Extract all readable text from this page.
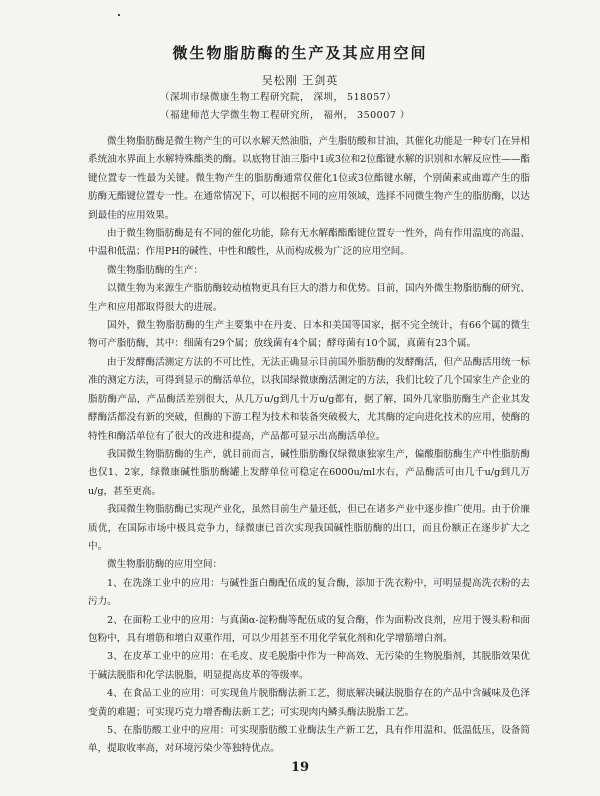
微生物脂肪酶的生产及其应用空间
吴松刚 王剑英
（深圳市绿微康生物工程研究院， 深圳， 518057）
（福建师范大学微生物工程研究所， 福州， 350007 ）

微生物脂肪酶是微生物产生的可以水解天然油脂，产生脂肪酸和甘油，其催化功能是一种专门在异相系统油水界面上水解特殊酯类的酶。以底物甘油三脂中1或3位和2位酯键水解的识别和水解反应性——酯键位置专一性最为关键。微生物产生的脂肪酶通常仅催化1位或3位酯键水解，个别菌素或曲霉产生的脂肪酶无酯键位置专一性。在通常情况下，可以根据不同的应用领域，选择不同微生物产生的脂肪酶，以达到最佳的应用效果。

由于微生物脂肪酶是有不同的催化功能，除有无水解酯酯酯键位置专一性外，尚有作用温度的高温、中温和低温；作用PH的碱性、中性和酸性，从而构成极为广泛的应用空间。

微生物脂肪酶的生产：

以微生物为来源生产脂肪酶较动植物更具有巨大的潜力和优势。目前，国内外微生物脂肪酶的研究、生产和应用都取得很大的进展。

国外，微生物脂肪酶的生产主要集中在丹麦、日本和美国等国家，据不完全统计，有66个属的微生物可产脂肪酶，其中：细菌有29个属；放线菌有4个属；酵母菌有10个属，真菌有23个属。

由于发酵酶活测定方法的不可比性，无法正确显示目前国外脂肪酶的发酵酶活，但产品酶活用统一标准的测定方法，可得到显示的酶活单位，以我国绿微康酶活测定的方法，我们比较了几个国家生产企业的脂肪酶产品，产品酶活差别很大，从几万u/g到几十万u/g都有，据了解，国外几家脂肪酶生产企业其发酵酶活都没有新的突破，但酶的下游工程为技术和装备突破极大，尤其酶的定向进化技术的应用，使酶的特性和酶活单位有了很大的改进和提高，产品都可显示出高酶活单位。

我国微生物脂肪酶的生产，就目前而言，碱性脂肪酶仅绿微康独家生产，偏酸脂肪酶生产中性脂肪酶也仅1、2家，绿微康碱性脂肪酶罐上发酵单位可稳定在6000u/ml水右，产品酶活可由几千u/g到几万u/g，甚至更高。

我国微生物脂肪酶已实现产业化，虽然目前生产量还低，但已在诸多产业中逐步推广使用。由于价廉质优，在国际市场中极具竞争力，绿微康已首次实现我国碱性脂肪酶的出口，而且份额正在逐步扩大之中。

微生物脂肪酶的应用空间：

1、在洗涤工业中的应用：与碱性蛋白酶配伍成的复合酶，添加于洗衣粉中，可明显提高洗衣粉的去污力。

2、在面粉工业中的应用：与真菌α-淀粉酶等配伍成的复合酶，作为面粉改良剂，应用于馒头粉和面包粉中，具有增筋和增白双重作用，可以少用甚至不用化学氧化剂和化学增筋增白剂。

3、在皮革工业中的应用：在毛皮、皮毛脱脂中作为一种高效、无污染的生物脱脂剂，其脱脂效果优于碱法脱脂和化学法脱脂，明显提高皮革的等级率。

4、在食品工业的应用：可实现鱼片脱脂酶法新工艺，彻底解决碱法脱脂存在的产品中含碱味及色泽变黄的难题；可实现巧克力增香酶法新工艺；可实现肉内鳞头酶法脱脂工艺。

5、在脂肪酸工业中的应用：可实现脂肪酸工业酶法生产新工艺，具有作用温和、低温低压，设备简单，提取收率高，对环境污染少等独特优点。

19
